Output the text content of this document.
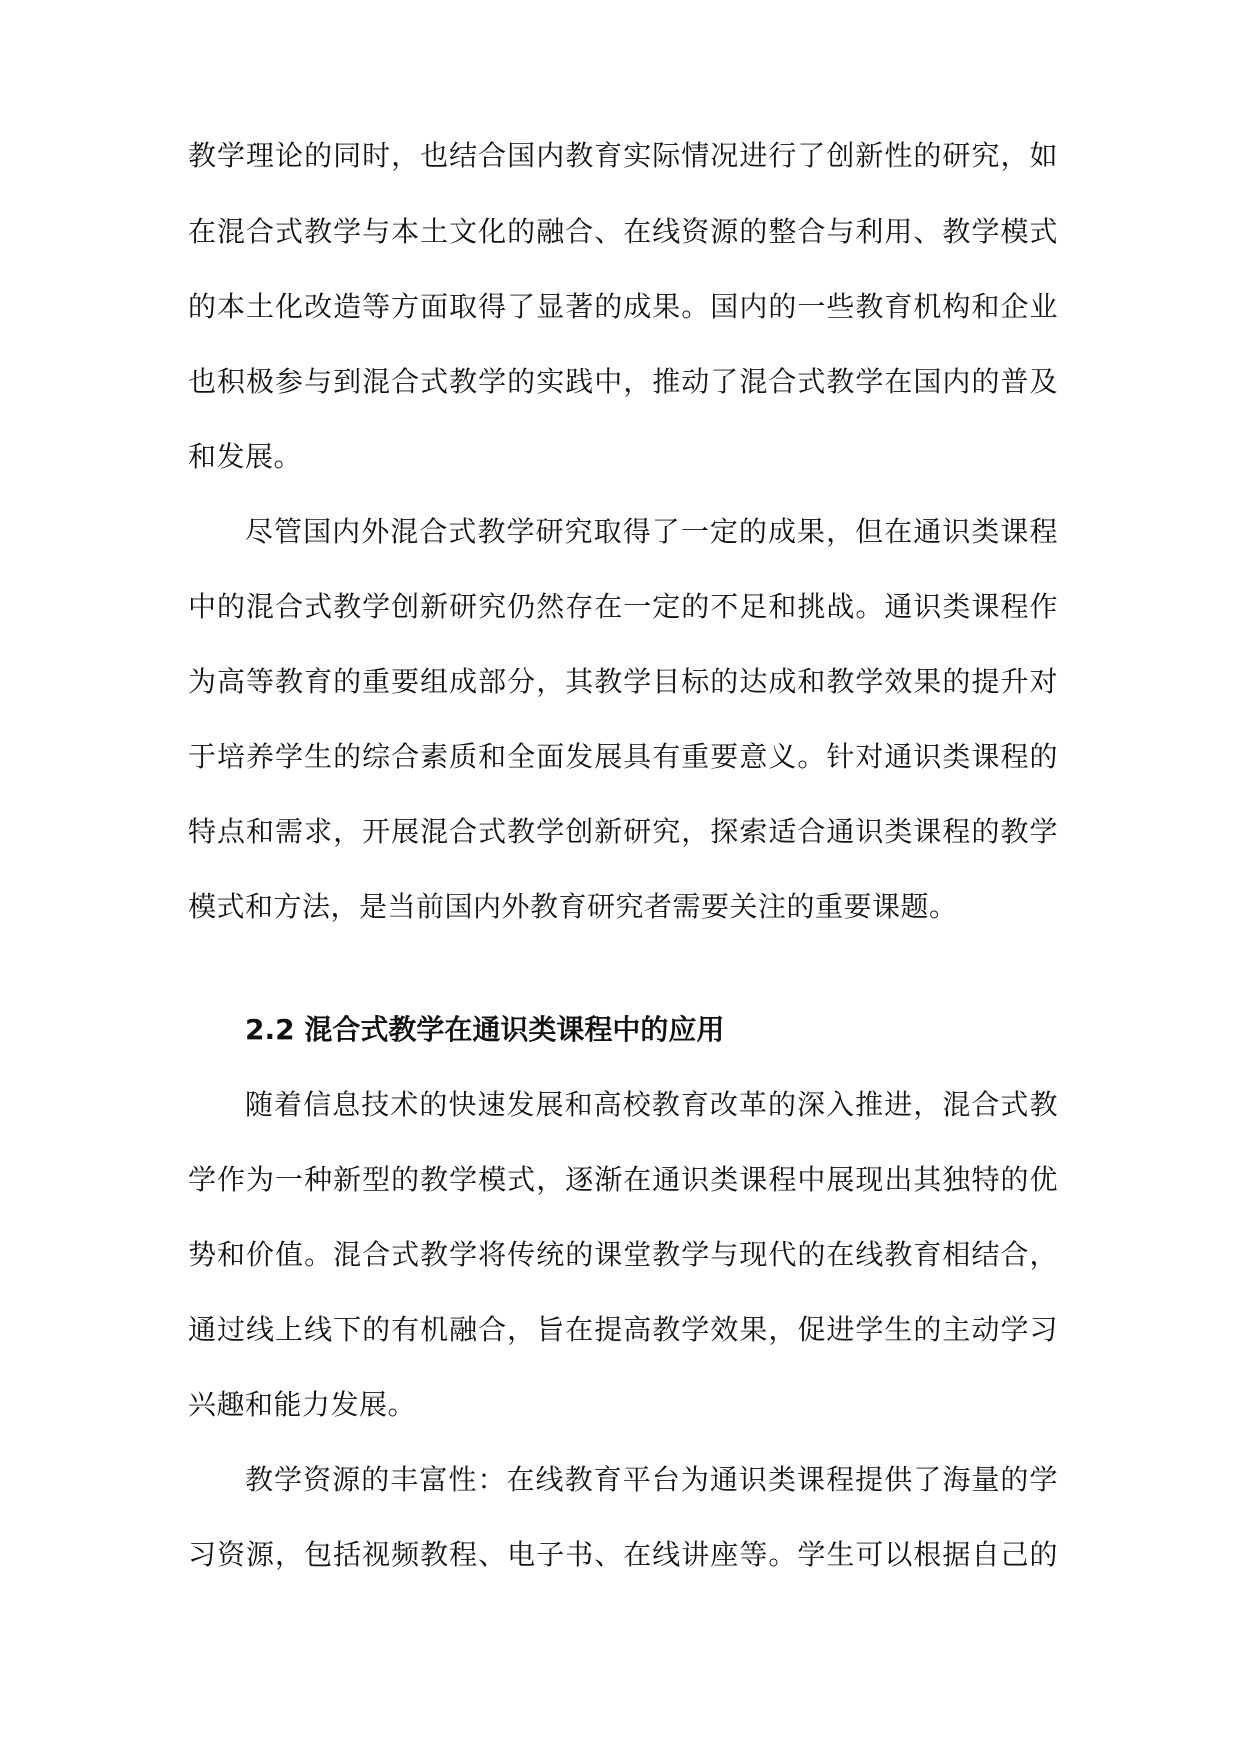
教学理论的同时，也结合国内教育实际情况进行了创新性的研究，如
在混合式教学与本土文化的融合、在线资源的整合与利用、教学模式
的本土化改造等方面取得了显著的成果。国内的一些教育机构和企业
也积极参与到混合式教学的实践中，推动了混合式教学在国内的普及
和发展。
尽管国内外混合式教学研究取得了一定的成果，但在通识类课程
中的混合式教学创新研究仍然存在一定的不足和挑战。通识类课程作
为高等教育的重要组成部分，其教学目标的达成和教学效果的提升对
于培养学生的综合素质和全面发展具有重要意义。针对通识类课程的
特点和需求，开展混合式教学创新研究，探索适合通识类课程的教学
模式和方法，是当前国内外教育研究者需要关注的重要课题。
2.2 混合式教学在通识类课程中的应用
随着信息技术的快速发展和高校教育改革的深入推进，混合式教
学作为一种新型的教学模式，逐渐在通识类课程中展现出其独特的优
势和价值。混合式教学将传统的课堂教学与现代的在线教育相结合，
通过线上线下的有机融合，旨在提高教学效果，促进学生的主动学习
兴趣和能力发展。
教学资源的丰富性：在线教育平台为通识类课程提供了海量的学
习资源，包括视频教程、电子书、在线讲座等。学生可以根据自己的
